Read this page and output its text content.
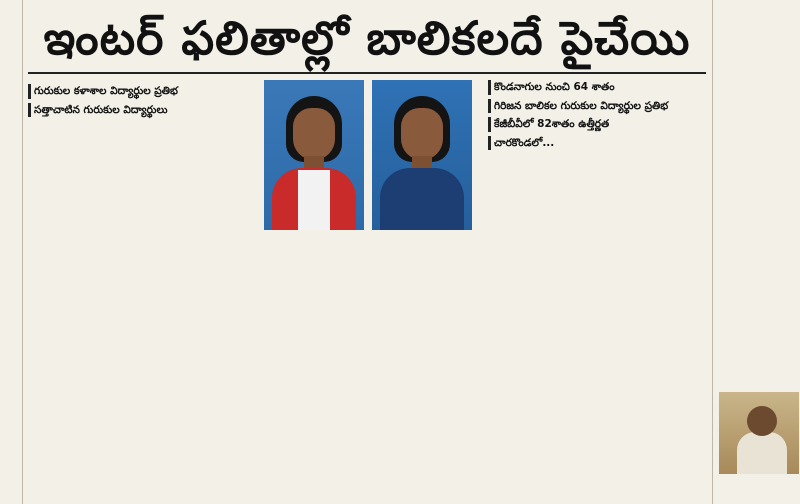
ఇంటర్ ఫలితాల్లో బాలికలదే పైచేయి

గురుకుల కళాశాల విద్యార్థుల ప్రతిభ

సత్తాచాటిన గురుకుల విద్యార్థులు

కొండనాగుల నుంచి 64 శాతం

గిరిజన బాలికల గురుకుల విద్యార్థుల ప్రతిభ

కేజీబీవీలో 82శాతం ఉత్తీర్ణత

చారకొండలో...
